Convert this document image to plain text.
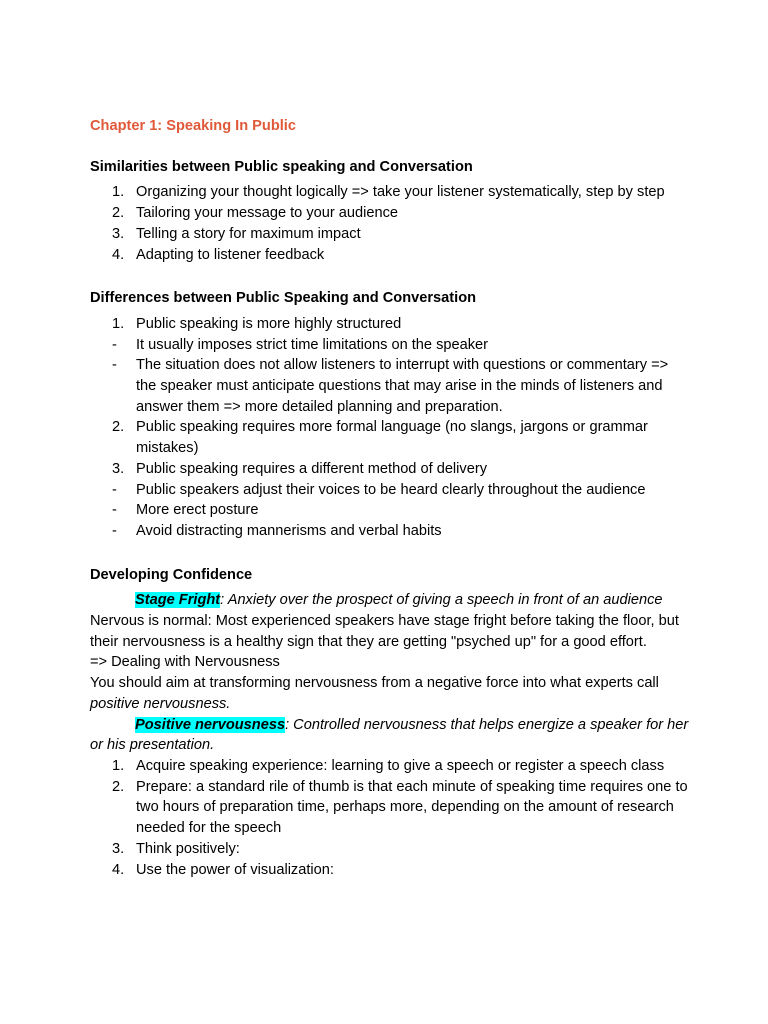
Chapter 1: Speaking In Public
Similarities between Public speaking and Conversation
1. Organizing your thought logically => take your listener systematically, step by step
2. Tailoring your message to your audience
3. Telling a story for maximum impact
4. Adapting to listener feedback
Differences between Public Speaking and Conversation
1. Public speaking is more highly structured
- It usually imposes strict time limitations on the speaker
- The situation does not allow listeners to interrupt with questions or commentary => the speaker must anticipate questions that may arise in the minds of listeners and answer them => more detailed planning and preparation.
2. Public speaking requires more formal language (no slangs, jargons or grammar mistakes)
3. Public speaking requires a different method of delivery
- Public speakers adjust their voices to be heard clearly throughout the audience
- More erect posture
- Avoid distracting mannerisms and verbal habits
Developing Confidence

Stage Fright: Anxiety over the prospect of giving a speech in front of an audience

Nervous is normal: Most experienced speakers have stage fright before taking the floor, but their nervousness is a healthy sign that they are getting "psyched up" for a good effort.

=> Dealing with Nervousness

You should aim at transforming nervousness from a negative force into what experts call positive nervousness.

Positive nervousness: Controlled nervousness that helps energize a speaker for her or his presentation.

1. Acquire speaking experience: learning to give a speech or register a speech class
2. Prepare: a standard rile of thumb is that each minute of speaking time requires one to two hours of preparation time, perhaps more, depending on the amount of research needed for the speech
3. Think positively:
4. Use the power of visualization:
